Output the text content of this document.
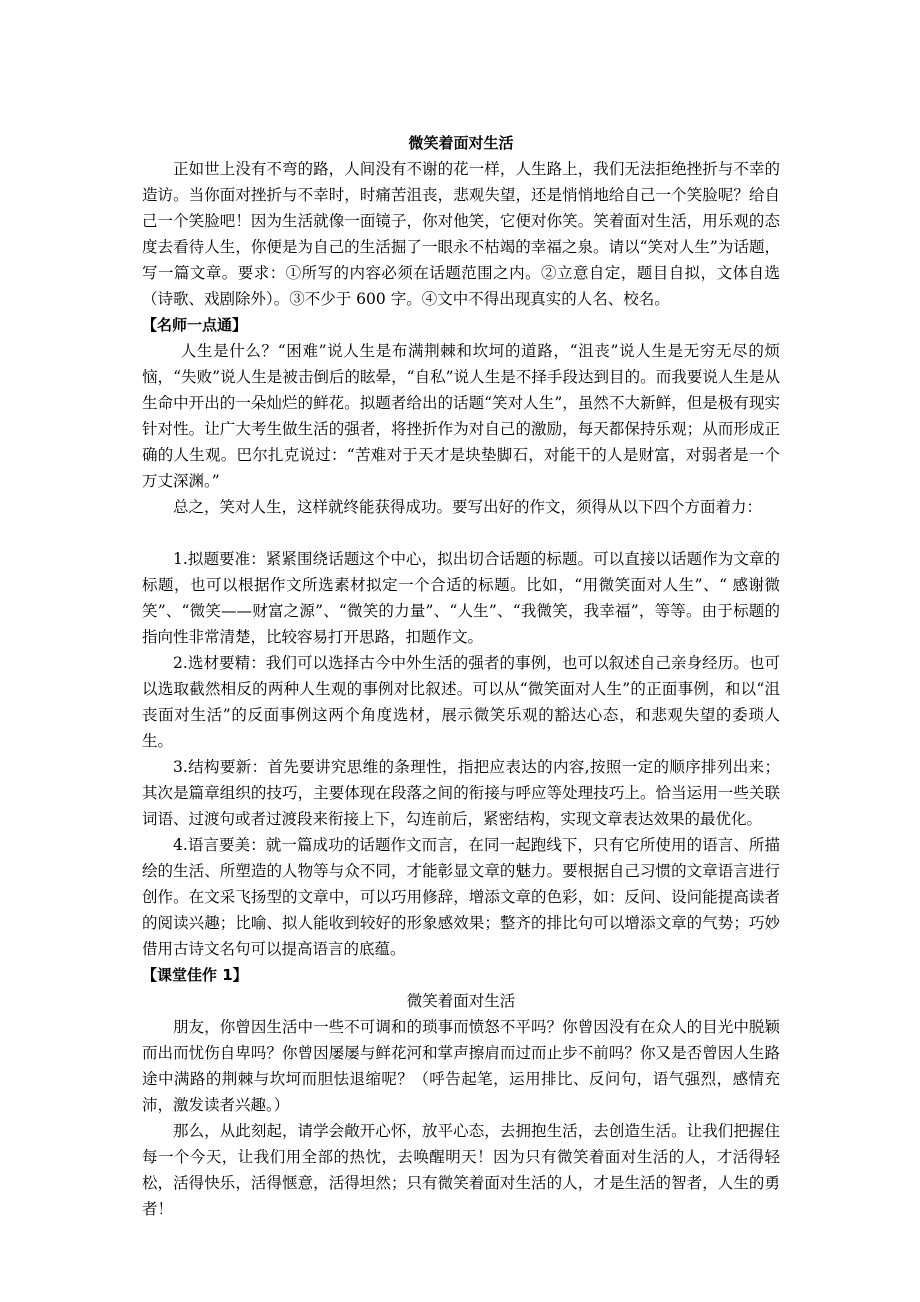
微笑着面对生活

正如世上没有不弯的路，人间没有不谢的花一样，人生路上，我们无法拒绝挫折与不幸的造访。当你面对挫折与不幸时，时痛苦沮丧，悲观失望，还是悄悄地给自己一个笑脸呢？给自己一个笑脸吧！因为生活就像一面镜子，你对他笑，它便对你笑。笑着面对生活，用乐观的态度去看待人生，你便是为自己的生活掘了一眼永不枯竭的幸福之泉。请以“笑对人生”为话题，写一篇文章。要求：①所写的内容必须在话题范围之内。②立意自定，题目自拟，文体自选（诗歌、戏剧除外）。③不少于 600 字。④文中不得出现真实的人名、校名。

【名师一点通】

人生是什么？“困难”说人生是布满荆棘和坎坷的道路，“沮丧”说人生是无穷无尽的烦恼，“失败”说人生是被击倒后的眩晕，“自私”说人生是不择手段达到目的。而我要说人生是从生命中开出的一朵灿烂的鲜花。拟题者给出的话题“笑对人生”，虽然不大新鲜，但是极有现实针对性。让广大考生做生活的强者，将挫折作为对自己的激励，每天都保持乐观；从而形成正确的人生观。巴尔扎克说过：“苦难对于天才是块垫脚石，对能干的人是财富，对弱者是一个万丈深渊。”

总之，笑对人生，这样就终能获得成功。要写出好的作文，须得从以下四个方面着力：

1.拟题要准：紧紧围绕话题这个中心，拟出切合话题的标题。可以直接以话题作为文章的标题，也可以根据作文所选素材拟定一个合适的标题。比如，“用微笑面对人生”、“ 感谢微笑”、“微笑——财富之源”、“微笑的力量”、“人生”、“我微笑，我幸福”，等等。由于标题的指向性非常清楚，比较容易打开思路，扣题作文。

2.选材要精：我们可以选择古今中外生活的强者的事例，也可以叙述自己亲身经历。也可以选取截然相反的两种人生观的事例对比叙述。可以从“微笑面对人生”的正面事例，和以“沮丧面对生活”的反面事例这两个角度选材，展示微笑乐观的豁达心态，和悲观失望的委琐人生。

3.结构要新：首先要讲究思维的条理性，指把应表达的内容,按照一定的顺序排列出来；其次是篇章组织的技巧，主要体现在段落之间的衔接与呼应等处理技巧上。恰当运用一些关联词语、过渡句或者过渡段来衔接上下，勾连前后，紧密结构，实现文章表达效果的最优化。

4.语言要美：就一篇成功的话题作文而言，在同一起跑线下，只有它所使用的语言、所描绘的生活、所塑造的人物等与众不同，才能彰显文章的魅力。要根据自己习惯的文章语言进行创作。在文采飞扬型的文章中，可以巧用修辞，增添文章的色彩，如：反问、设问能提高读者的阅读兴趣；比喻、拟人能收到较好的形象感效果；整齐的排比句可以增添文章的气势；巧妙借用古诗文名句可以提高语言的底蕴。

【课堂佳作 1】
微笑着面对生活

朋友，你曾因生活中一些不可调和的琐事而愤怒不平吗？你曾因没有在众人的目光中脱颖而出而忧伤自卑吗？你曾因屡屡与鲜花河和掌声擦肩而过而止步不前吗？你又是否曾因人生路途中满路的荆棘与坎坷而胆怯退缩呢？（呼告起笔，运用排比、反问句，语气强烈，感情充沛，激发读者兴趣。）

那么，从此刻起，请学会敞开心怀，放平心态，去拥抱生活，去创造生活。让我们把握住每一个今天，让我们用全部的热忱，去唤醒明天！因为只有微笑着面对生活的人，才活得轻松，活得快乐，活得惬意，活得坦然；只有微笑着面对生活的人，才是生活的智者，人生的勇者！
